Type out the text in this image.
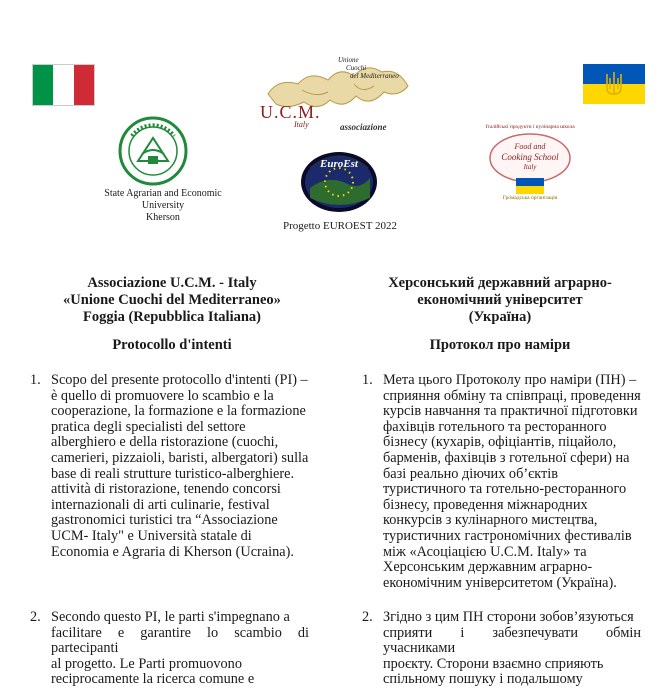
State Agrarian and Economic University
Kherson
Unione
Cuochi
del Mediterraneo
U.C.M.
Italy	associazione
EuroEst
Progetto EUROEST 2022
Італійські продукти і кулінарна школа
Food and
Cooking School
Italy
Громадська організація
Associazione U.C.M. - Italy
«Unione Cuochi del Mediterraneo»
Foggia (Repubblica Italiana)
Protocollo d'intenti
1. Scopo del presente protocollo d'intenti (PI) –
è quello di promuovere lo scambio e la
cooperazione, la formazione e la formazione
pratica degli specialisti del settore
alberghiero e della ristorazione (cuochi,
camerieri, pizzaioli, baristi, albergatori) sulla
base di reali strutture turistico-alberghiere.
attività di ristorazione, tenendo concorsi
internazionali di arti culinarie, festival
gastronomici turistici tra “Associazione
UCM- Italy" e Università statale di
Economia e Agraria di Kherson (Ucraina).
2. Secondo questo PI, le parti s'impegnano a
facilitare e garantire lo scambio di partecipanti
al progetto. Le Parti promuovono
reciprocamente la ricerca comune e
Херсонський державний аграрно-
економічний університет
(Україна)
Протокол про наміри
1. Мета цього Протоколу про наміри (ПН) –
сприяння обміну та співпраці, проведення
курсів навчання та практичної підготовки
фахівців готельного та ресторанного
бізнесу (кухарів, офіціантів, піцайоло,
барменів, фахівців з готельної сфери) на
базі реально діючих об’єктів
туристичного та готельно-ресторанного
бізнесу, проведення міжнародних
конкурсів з кулінарного мистецтва,
туристичних гастрономічних фестивалів
між «Асоціацією U.C.M. Italy» та
Херсонським державним аграрно-
економічним університетом (Україна).
2. Згідно з цим ПН сторони зобов’язуються
сприяти і забезпечувати обмін учасниками
проєкту. Сторони взаємно сприяють
спільному пошуку і подальшому
